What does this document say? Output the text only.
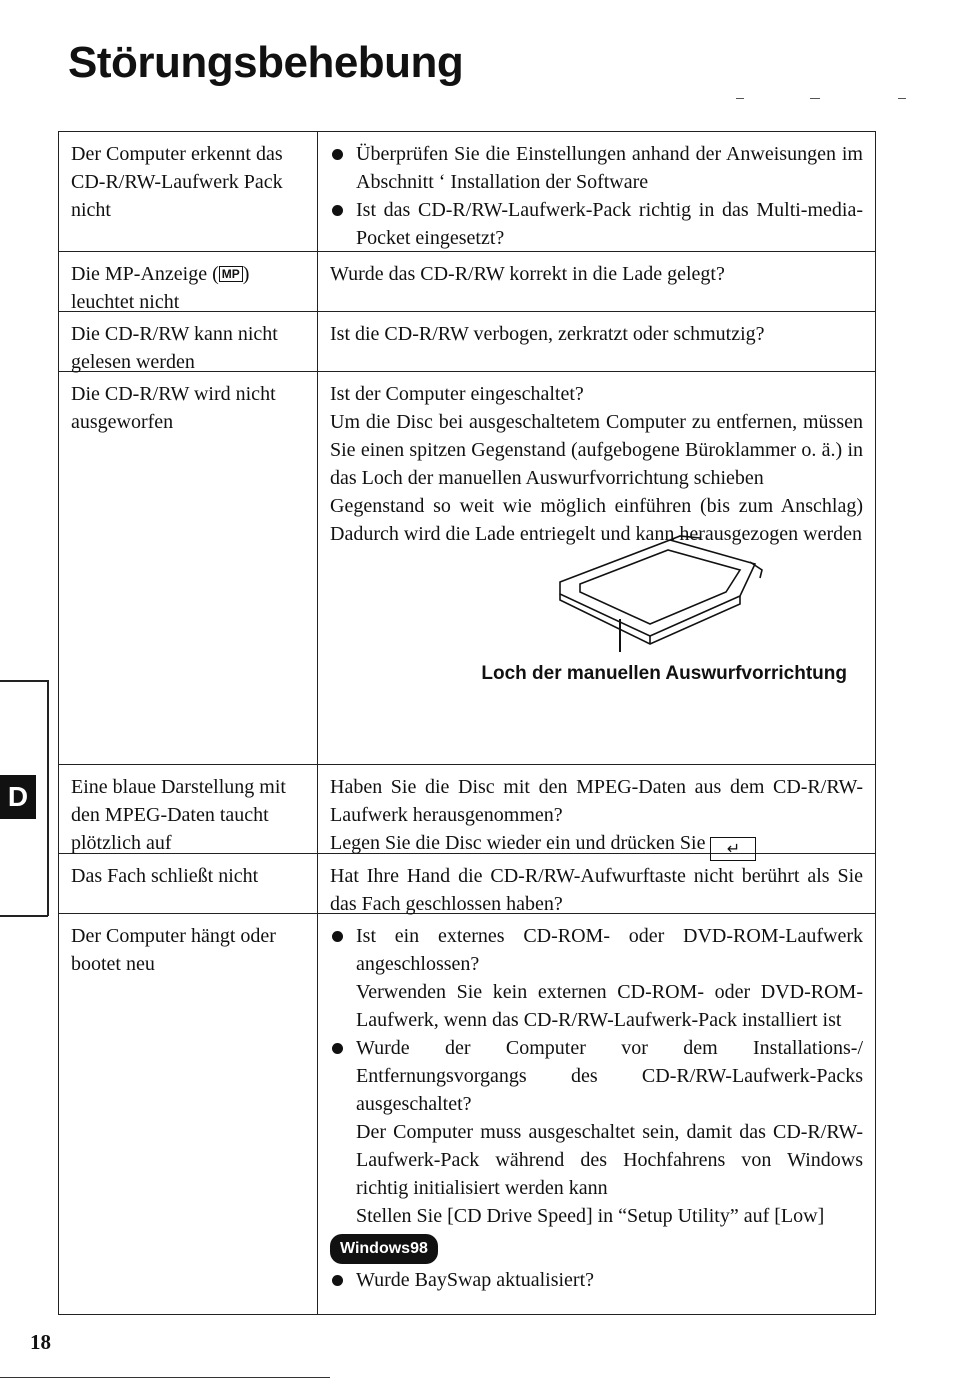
Störungsbehebung
Der Computer erkennt das CD-R/RW-Laufwerk Pack nicht
Überprüfen Sie die Einstellungen anhand der Anweisungen im Abschnitt ‘ Installation der Software
Ist das CD-R/RW-Laufwerk-Pack richtig in das Multi-media-Pocket eingesetzt?
Die MP-Anzeige ( MP ) leuchtet nicht
Wurde das CD-R/RW korrekt in die Lade gelegt?
Die CD-R/RW kann nicht gelesen werden
Ist die CD-R/RW verbogen, zerkratzt oder schmutzig?
Die CD-R/RW wird nicht ausgeworfen
Ist der Computer eingeschaltet?
Um die Disc bei ausgeschaltetem Computer zu entfernen, müssen Sie einen spitzen Gegenstand (aufgebogene Büroklammer o. ä.) in das Loch der manuellen Auswurfvorrichtung schieben
Gegenstand so weit wie möglich einführen (bis zum Anschlag) Dadurch wird die Lade entriegelt und kann herausgezogen werden
Loch der manuellen Auswurfvorrichtung
Eine blaue Darstellung mit den MPEG-Daten taucht plötzlich auf
Haben Sie die Disc mit den MPEG-Daten aus dem CD-R/RW-Laufwerk herausgenommen?
Legen Sie die Disc wieder ein und drücken Sie ↵
Das Fach schließt nicht	Hat Ihre Hand die CD-R/RW-Aufwurftaste nicht berührt als Sie das Fach geschlossen haben?
Der Computer hängt oder bootet neu
Ist ein externes CD-ROM- oder DVD-ROM-Laufwerk angeschlossen?
Verwenden Sie kein externen CD-ROM- oder DVD-ROM-Laufwerk, wenn das CD-R/RW-Laufwerk-Pack installiert ist
Wurde der Computer vor dem Installations-/ Entfernungsvorgangs des CD-R/RW-Laufwerk-Packs ausgeschaltet?
Der Computer muss ausgeschaltet sein, damit das CD-R/RW-Laufwerk-Pack während des Hochfahrens von Windows richtig initialisiert werden kann
Stellen Sie [CD Drive Speed] in “Setup Utility” auf [Low]
Windows98
Wurde BaySwap aktualisiert?
D
18
